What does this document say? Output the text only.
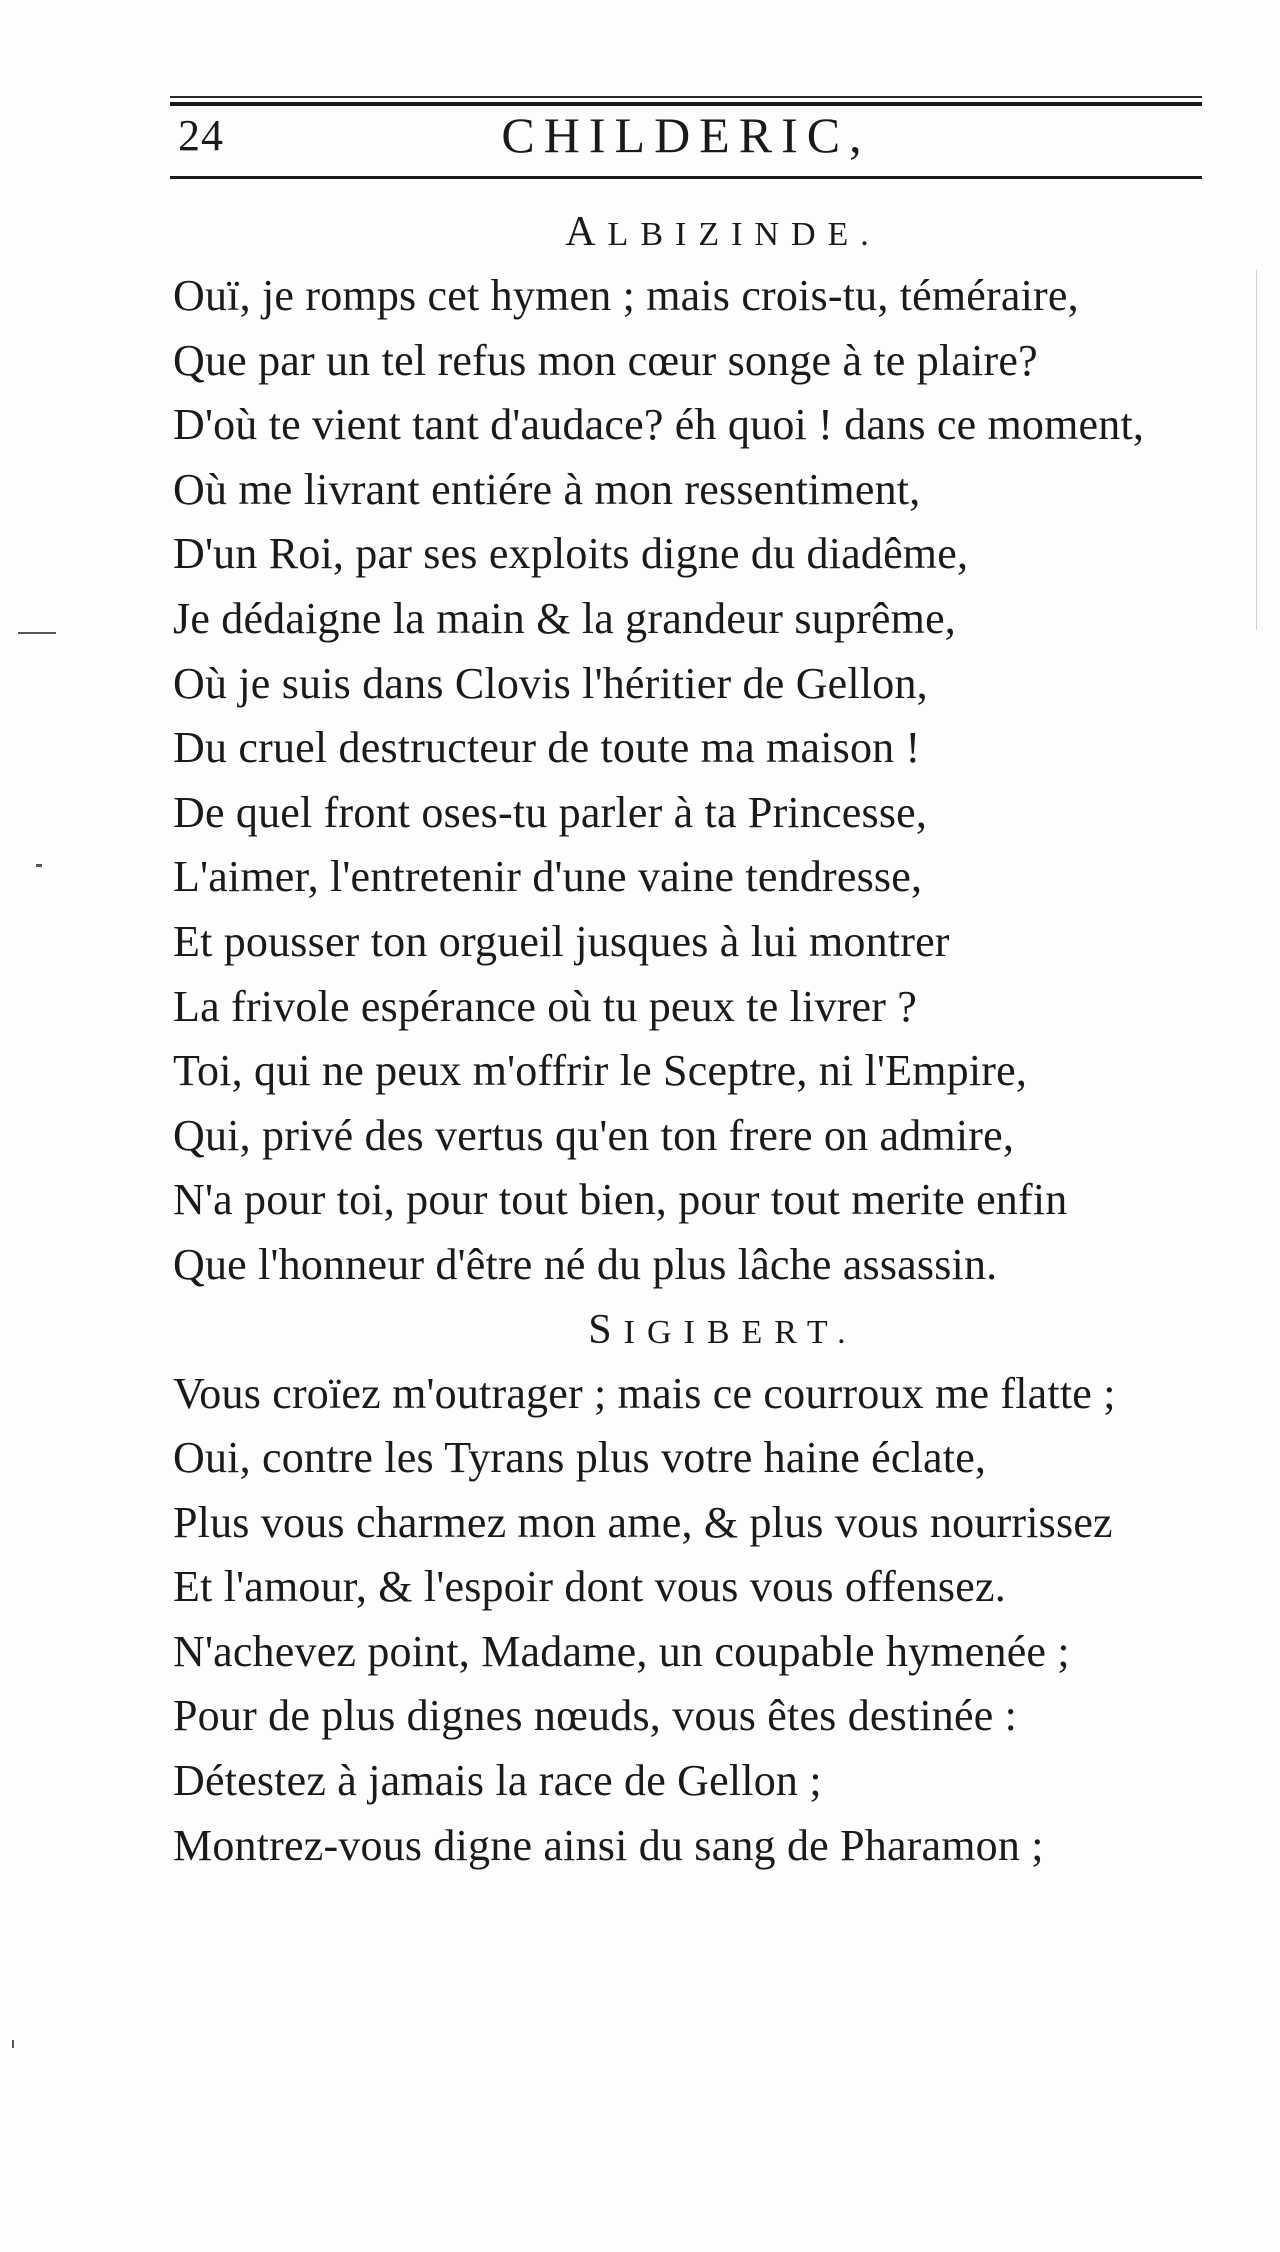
24	CHILDERIC,
ALBIZINDE.
Ouï, je romps cet hymen ; mais crois-tu, téméraire,
Que par un tel refus mon cœur songe à te plaire?
D'où te vient tant d'audace? éh quoi ! dans ce moment,
Où me livrant entiére à mon ressentiment,
D'un Roi, par ses exploits digne du diadême,
Je dédaigne la main & la grandeur suprême,
Où je suis dans Clovis l'héritier de Gellon,
Du cruel destructeur de toute ma maison !
De quel front oses-tu parler à ta Princesse,
L'aimer, l'entretenir d'une vaine tendresse,
Et pousser ton orgueil jusques à lui montrer
La frivole espérance où tu peux te livrer ?
Toi, qui ne peux m'offrir le Sceptre, ni l'Empire,
Qui, privé des vertus qu'en ton frere on admire,
N'a pour toi, pour tout bien, pour tout merite enfin
Que l'honneur d'être né du plus lâche assassin.
SIGIBERT.
Vous croïez m'outrager ; mais ce courroux me flatte ;
Oui, contre les Tyrans plus votre haine éclate,
Plus vous charmez mon ame, & plus vous nourrissez
Et l'amour, & l'espoir dont vous vous offensez.
N'achevez point, Madame, un coupable hymenée ;
Pour de plus dignes nœuds, vous êtes destinée :
Détestez à jamais la race de Gellon ;
Montrez-vous digne ainsi du sang de Pharamon ;
